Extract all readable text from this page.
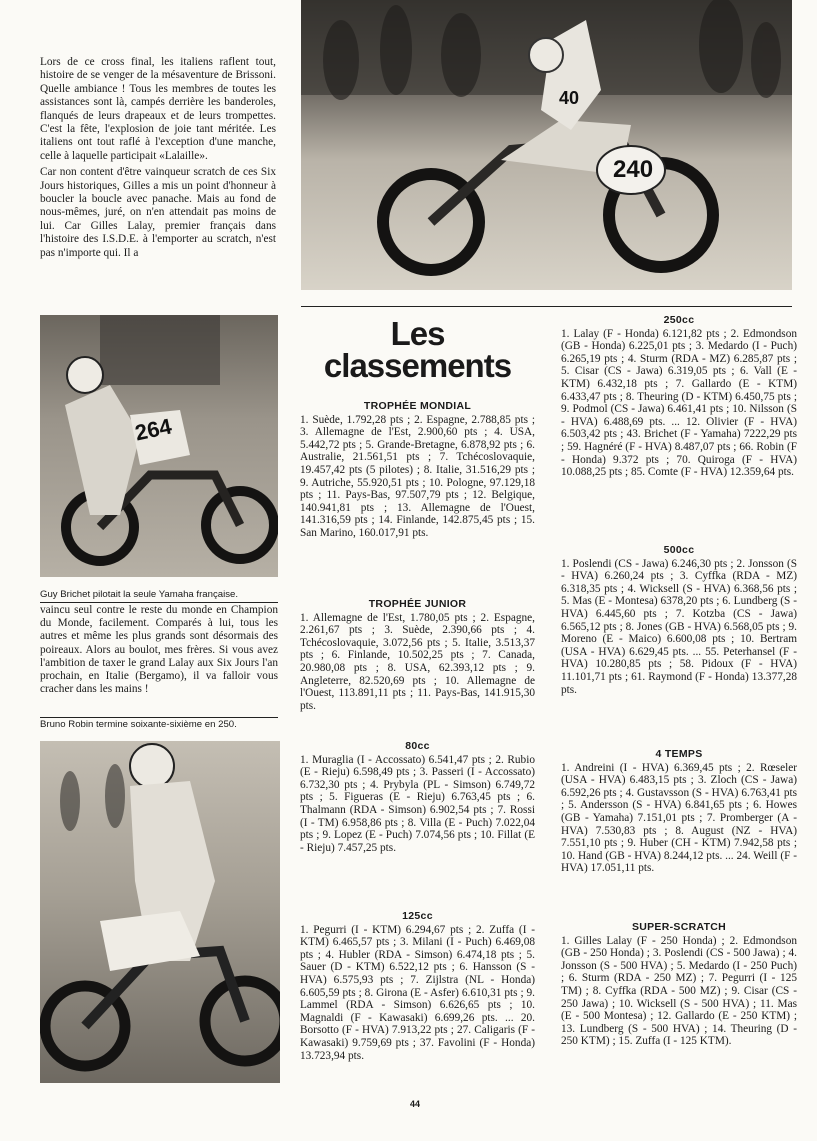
Lors de ce cross final, les italiens raflent tout, histoire de se venger de la mésaventure de Brissoni. Quelle ambiance ! Tous les membres de toutes les assistances sont là, campés derrière les banderoles, flanqués de leurs drapeaux et de leurs trompettes. C'est la fête, l'explosion de joie tant méritée. Les italiens ont tout raflé à l'exception d'une manche, celle à laquelle participait «Lalaille».

Car non content d'être vainqueur scratch de ces Six Jours historiques, Gilles a mis un point d'honneur à boucler la boucle avec panache. Mais au fond de nous-mêmes, juré, on n'en attendait pas moins de lui. Car Gilles Lalay, premier français dans l'histoire des I.S.D.E. à l'emporter au scratch, n'est pas n'importe qui. Il a

240
40
264
Guy Brichet pilotait la seule Yamaha française.

vaincu seul contre le reste du monde en Champion du Monde, facilement. Comparés à lui, tous les autres et même les plus grands sont désormais des poireaux. Alors au boulot, mes frères. Si vous avez l'ambition de taxer le grand Lalay aux Six Jours l'an prochain, en Italie (Bergamo), il va falloir vous cracher dans les mains !

Bruno Robin termine soixante-sixième en 250.
Les
classements
TROPHÉE MONDIAL
1. Suède, 1.792,28 pts ; 2. Espagne, 2.788,85 pts ; 3. Allemagne de l'Est, 2.900,60 pts ; 4. USA, 5.442,72 pts ; 5. Grande-Bretagne, 6.878,92 pts ; 6. Australie, 21.561,51 pts ; 7. Tchécoslovaquie, 19.457,42 pts (5 pilotes) ; 8. Italie, 31.516,29 pts ; 9. Autriche, 55.920,51 pts ; 10. Pologne, 97.129,18 pts ; 11. Pays-Bas, 97.507,79 pts ; 12. Belgique, 140.941,81 pts ; 13. Allemagne de l'Ouest, 141.316,59 pts ; 14. Finlande, 142.875,45 pts ; 15. San Marino, 160.017,91 pts.
TROPHÉE JUNIOR
1. Allemagne de l'Est, 1.780,05 pts ; 2. Espagne, 2.261,67 pts ; 3. Suède, 2.390,66 pts ; 4. Tchécoslovaquie, 3.072,56 pts ; 5. Italie, 3.513,37 pts ; 6. Finlande, 10.502,25 pts ; 7. Canada, 20.980,08 pts ; 8. USA, 62.393,12 pts ; 9. Angleterre, 82.520,69 pts ; 10. Allemagne de l'Ouest, 113.891,11 pts ; 11. Pays-Bas, 141.915,30 pts.
80cc
1. Muraglia (I - Accossato) 6.541,47 pts ; 2. Rubio (E - Rieju) 6.598,49 pts ; 3. Passeri (I - Accossato) 6.732,30 pts ; 4. Prybyla (PL - Simson) 6.749,72 pts ; 5. Figueras (E - Rieju) 6.763,45 pts ; 6. Thalmann (RDA - Simson) 6.902,54 pts ; 7. Rossi (I - TM) 6.958,86 pts ; 8. Villa (E - Puch) 7.022,04 pts ; 9. Lopez (E - Puch) 7.074,56 pts ; 10. Fillat (E - Rieju) 7.457,25 pts.
125cc
1. Pegurri (I - KTM) 6.294,67 pts ; 2. Zuffa (I - KTM) 6.465,57 pts ; 3. Milani (I - Puch) 6.469,08 pts ; 4. Hubler (RDA - Simson) 6.474,18 pts ; 5. Sauer (D - KTM) 6.522,12 pts ; 6. Hansson (S - HVA) 6.575,93 pts ; 7. Zijlstra (NL - Honda) 6.605,59 pts ; 8. Girona (E - Asfer) 6.610,31 pts ; 9. Lammel (RDA - Simson) 6.626,65 pts ; 10. Magnaldi (F - Kawasaki) 6.699,26 pts. ... 20. Borsotto (F - HVA) 7.913,22 pts ; 27. Caligaris (F - Kawasaki) 9.759,69 pts ; 37. Favolini (F - Honda) 13.723,94 pts.
250cc
1. Lalay (F - Honda) 6.121,82 pts ; 2. Edmondson (GB - Honda) 6.225,01 pts ; 3. Medardo (I - Puch) 6.265,19 pts ; 4. Sturm (RDA - MZ) 6.285,87 pts ; 5. Cisar (CS - Jawa) 6.319,05 pts ; 6. Vall (E - KTM) 6.432,18 pts ; 7. Gallardo (E - KTM) 6.433,47 pts ; 8. Theuring (D - KTM) 6.450,75 pts ; 9. Podmol (CS - Jawa) 6.461,41 pts ; 10. Nilsson (S - HVA) 6.488,69 pts. ... 12. Olivier (F - HVA) 6.503,42 pts ; 43. Brichet (F - Yamaha) 7222,29 pts ; 59. Hagnéré (F - HVA) 8.487,07 pts ; 66. Robin (F - Honda) 9.372 pts ; 70. Quiroga (F - HVA) 10.088,25 pts ; 85. Comte (F - HVA) 12.359,64 pts.
500cc
1. Poslendi (CS - Jawa) 6.246,30 pts ; 2. Jonsson (S - HVA) 6.260,24 pts ; 3. Cyffka (RDA - MZ) 6.318,35 pts ; 4. Wicksell (S - HVA) 6.368,56 pts ; 5. Mas (E - Montesa) 6378,20 pts ; 6. Lundberg (S - HVA) 6.445,60 pts ; 7. Kotzba (CS - Jawa) 6.565,12 pts ; 8. Jones (GB - HVA) 6.568,05 pts ; 9. Moreno (E - Maico) 6.600,08 pts ; 10. Bertram (USA - HVA) 6.629,45 pts. ... 55. Peterhansel (F - HVA) 10.280,85 pts ; 58. Pidoux (F - HVA) 11.101,71 pts ; 61. Raymond (F - Honda) 13.377,28 pts.
4 TEMPS
1. Andreini (I - HVA) 6.369,45 pts ; 2. Rœseler (USA - HVA) 6.483,15 pts ; 3. Zloch (CS - Jawa) 6.592,26 pts ; 4. Gustavsson (S - HVA) 6.763,41 pts ; 5. Andersson (S - HVA) 6.841,65 pts ; 6. Howes (GB - Yamaha) 7.151,01 pts ; 7. Promberger (A - HVA) 7.530,83 pts ; 8. August (NZ - HVA) 7.551,10 pts ; 9. Huber (CH - KTM) 7.942,58 pts ; 10. Hand (GB - HVA) 8.244,12 pts. ... 24. Weill (F - HVA) 17.051,11 pts.
SUPER-SCRATCH
1. Gilles Lalay (F - 250 Honda) ; 2. Edmondson (GB - 250 Honda) ; 3. Poslendi (CS - 500 Jawa) ; 4. Jonsson (S - 500 HVA) ; 5. Medardo (I - 250 Puch) ; 6. Sturm (RDA - 250 MZ) ; 7. Pegurri (I - 125 TM) ; 8. Cyffka (RDA - 500 MZ) ; 9. Cisar (CS - 250 Jawa) ; 10. Wicksell (S - 500 HVA) ; 11. Mas (E - 500 Montesa) ; 12. Gallardo (E - 250 KTM) ; 13. Lundberg (S - 500 HVA) ; 14. Theuring (D - 250 KTM) ; 15. Zuffa (I - 125 KTM).
44
